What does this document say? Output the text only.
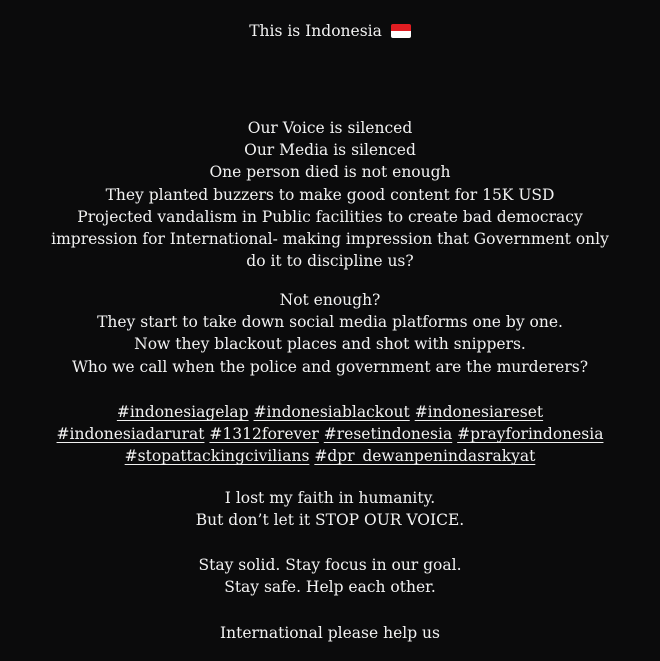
This is Indonesia
Our Voice is silenced
Our Media is silenced
One person died is not enough
They planted buzzers to make good content for 15K USD
Projected vandalism in Public facilities to create bad democracy
impression for International- making impression that Government only
do it to discipline us?
Not enough?
They start to take down social media platforms one by one.
Now they blackout places and shot with snippers.
Who we call when the police and government are the murderers?
#indonesiagelap #indonesiablackout #indonesiareset
#indonesiadarurat #1312forever #resetindonesia #prayforindonesia
#stopattackingcivilians #dpr_dewanpenindasrakyat
I lost my faith in humanity.
But don’t let it STOP OUR VOICE.
Stay solid. Stay focus in our goal.
Stay safe. Help each other.
International please help us
